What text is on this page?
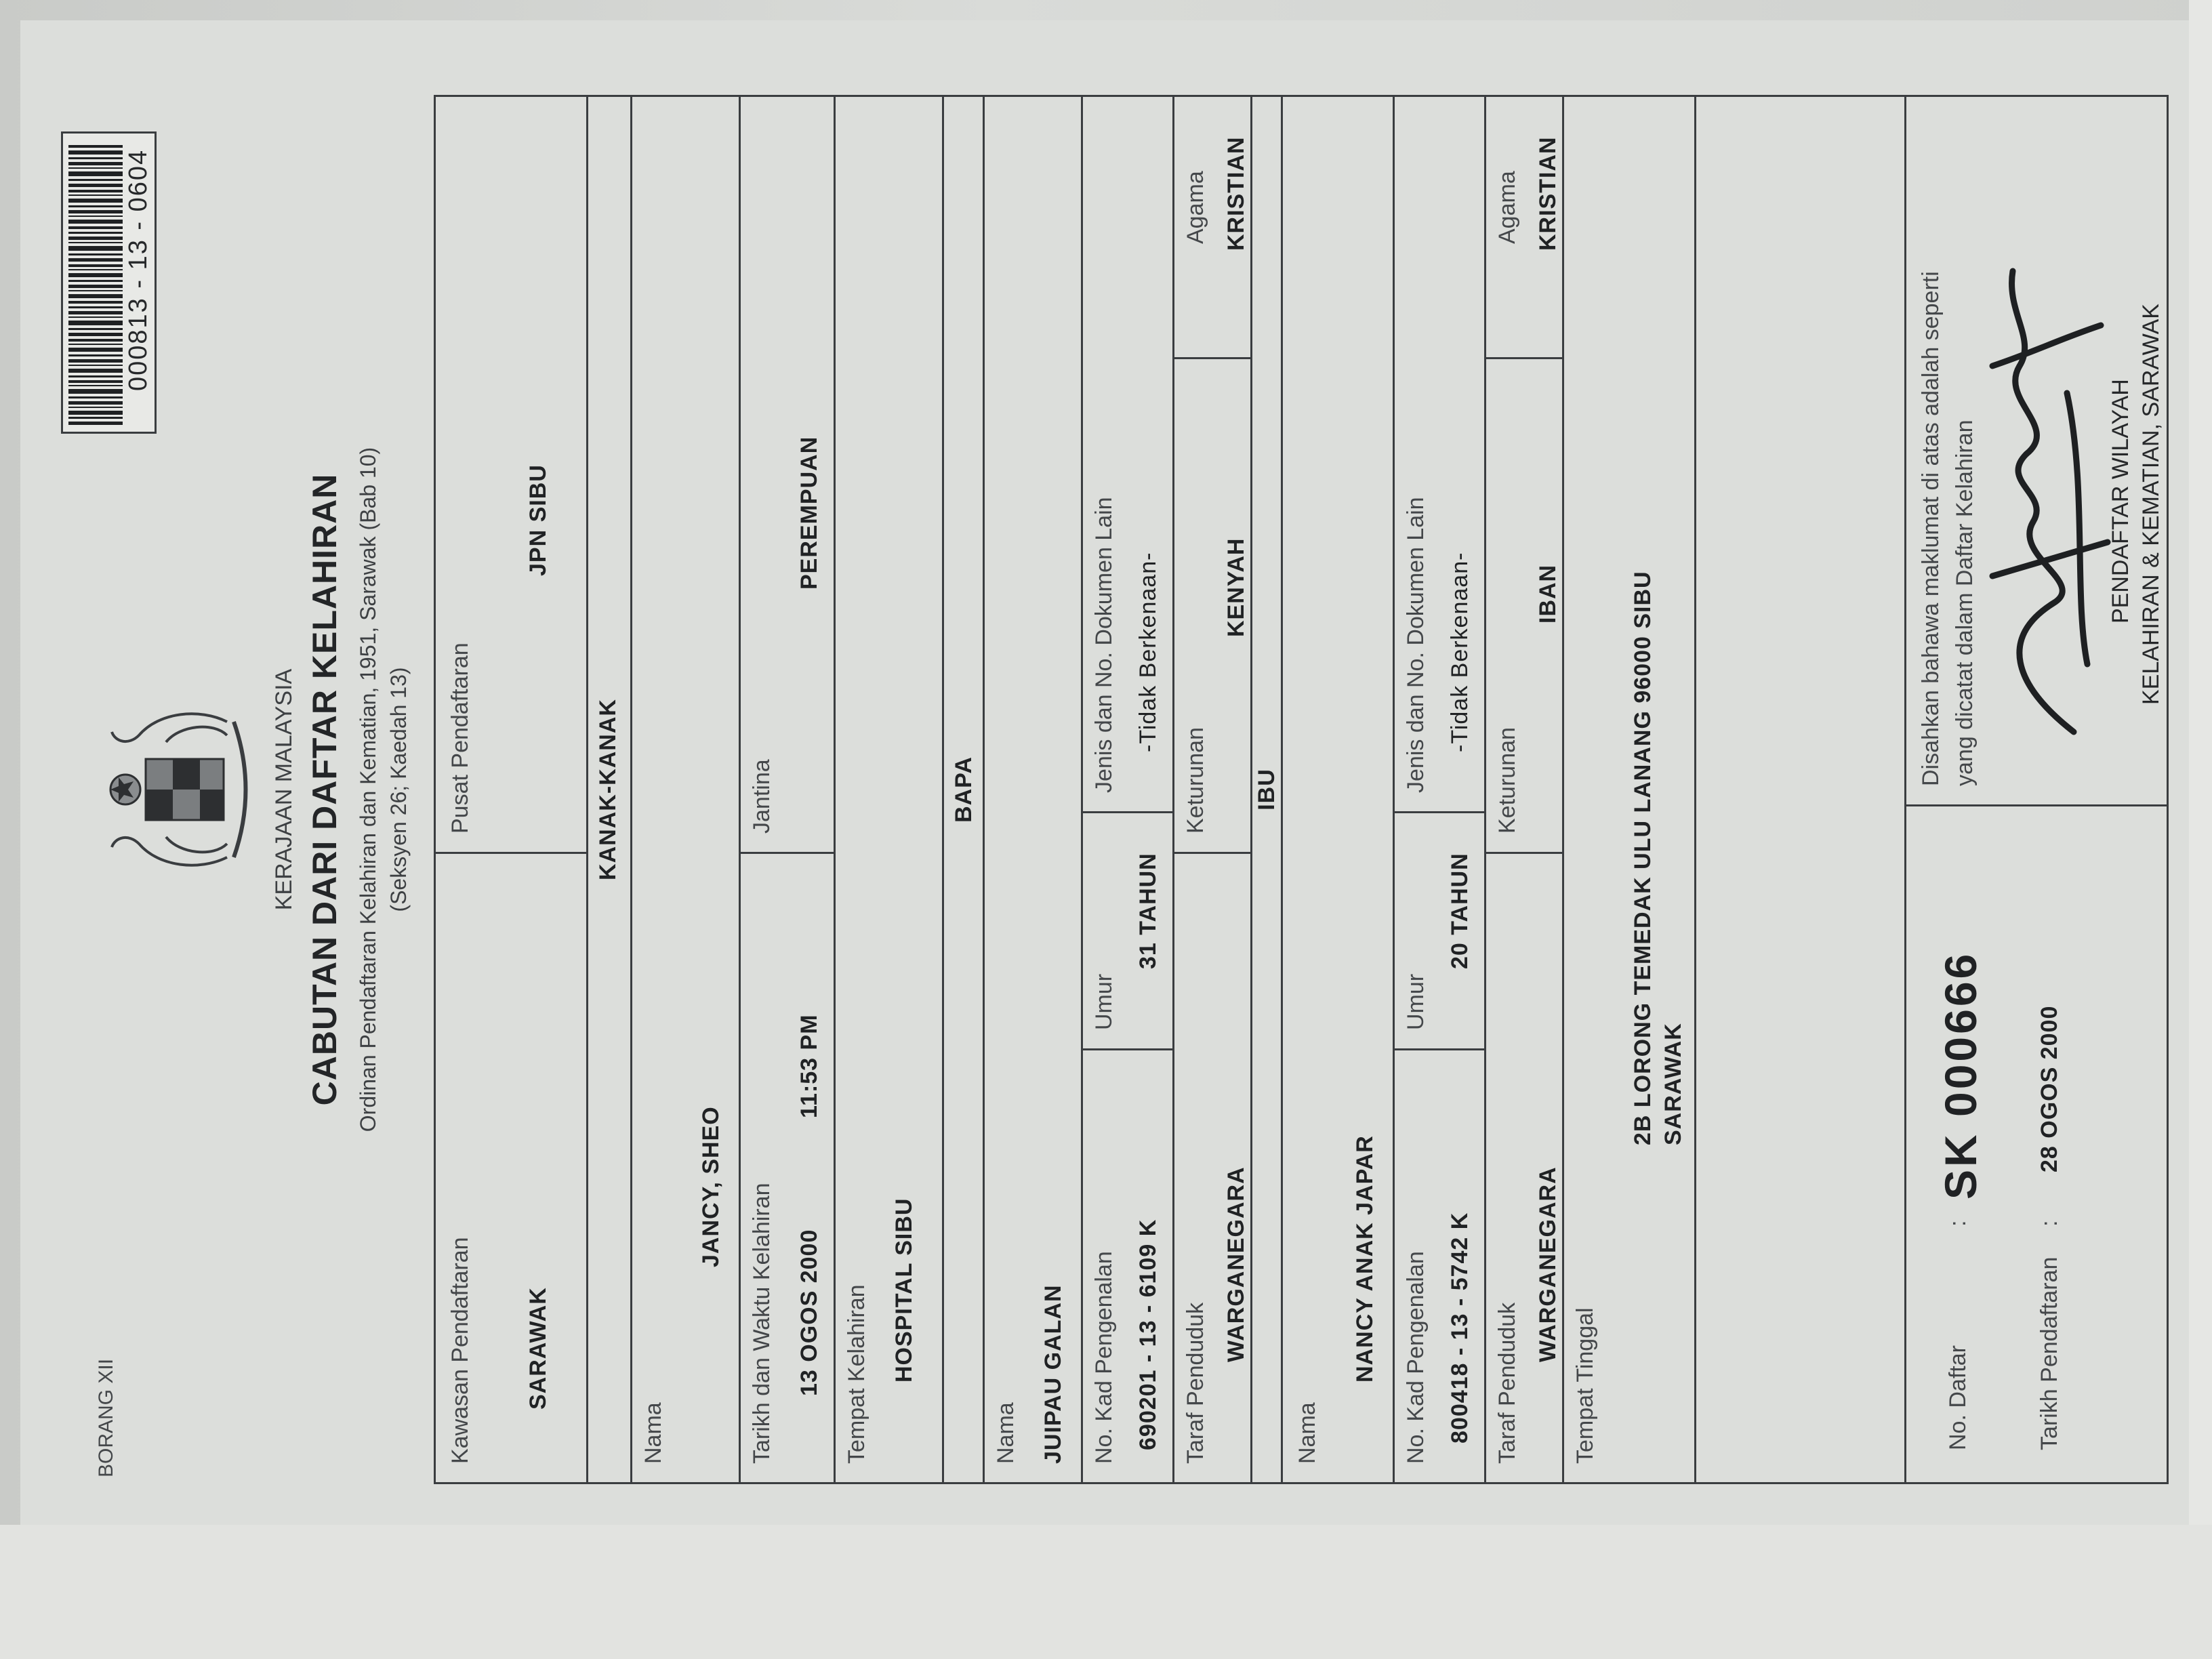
BORANG XII
000813 - 13 - 0604
KERAJAAN MALAYSIA CABUTAN DARI DAFTAR KELAHIRAN Ordinan Pendaftaran Kelahiran dan Kematian, 1951, Sarawak (Bab 10) (Seksyen 26; Kaedah 13)
Kawasan Pendaftaran SARAWAK
Pusat Pendaftaran
JPN SIBU
KANAK-KANAK
Nama
JANCY, SHEO Tarikh dan Waktu Kelahiran 13 OGOS 2000
11:53 PM
Jantina
PEREMPUAN
Tempat Kelahiran HOSPITAL SIBU
BAPA
Nama JUIPAU GALAN No. Kad Pengenalan 690201 - 13 - 6109 K
Umur
31 TAHUN
Jenis dan No. Dokumen Lain -Tidak Berkenaan-
Taraf Penduduk
WARGANEGARA
Keturunan
KENYAH
Agama KRISTIAN
IBU
Nama
NANCY ANAK JAPAR No. Kad Pengenalan 800418 - 13 - 5742 K
Umur
20 TAHUN
Jenis dan No. Dokumen Lain -Tidak Berkenaan-
Taraf Penduduk
WARGANEGARA
Keturunan
IBAN
Agama KRISTIAN
Tempat Tinggal
2B LORONG TEMEDAK ULU LANANG 96000 SIBU SARAWAK
No. Daftar
:
SK 000666
Tarikh Pendaftaran
:
28 OGOS 2000
Disahkan bahawa maklumat di atas adalah seperti yang dicatat dalam Daftar Kelahiran	PENDAFTAR WILAYAH KELAHIRAN & KEMATIAN, SARAWAK
